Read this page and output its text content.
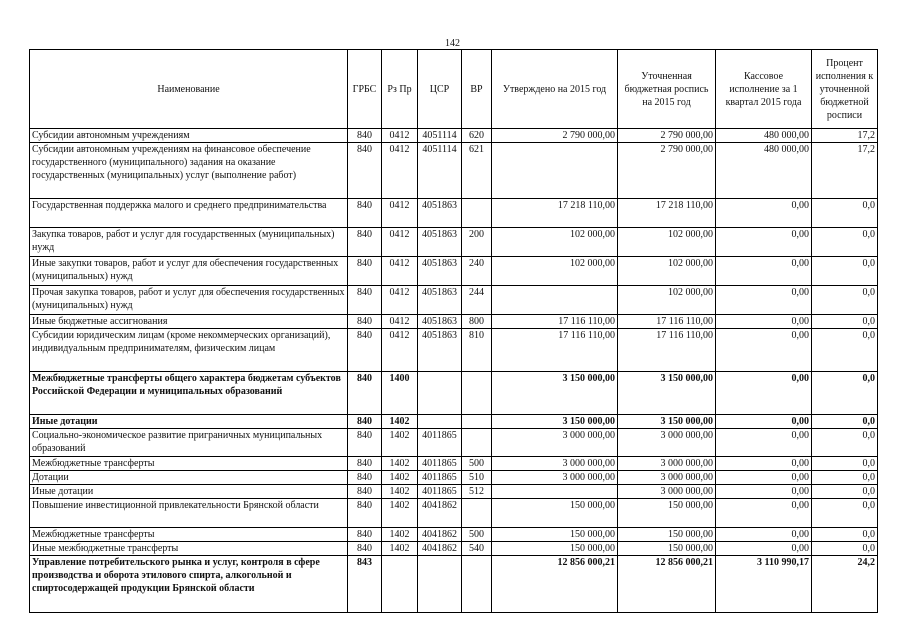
142
Наименование	ГРБС	Рз Пр	ЦСР	ВР	Утверждено на 2015 год	Уточненная бюджетная роспись на 2015 год	Кассовое исполнение за 1 квартал 2015 года	Процент исполнения к уточненной бюджетной росписи
Субсидии автономным учреждениям	840	0412	4051114	620	2 790 000,00	2 790 000,00	480 000,00	17,2
Субсидии автономным учреждениям на финансовое обеспечение государственного (муниципального) задания на оказание государственных (муниципальных) услуг (выполнение работ)	840	0412	4051114	621		2 790 000,00	480 000,00	17,2
Государственная поддержка малого и среднего предпринимательства	840	0412	4051863		17 218 110,00	17 218 110,00	0,00	0,0
Закупка товаров, работ и услуг для государственных (муниципальных) нужд	840	0412	4051863	200	102 000,00	102 000,00	0,00	0,0
Иные закупки товаров, работ и услуг для обеспечения государственных (муниципальных) нужд	840	0412	4051863	240	102 000,00	102 000,00	0,00	0,0
Прочая закупка товаров, работ и услуг для обеспечения государственных (муниципальных) нужд	840	0412	4051863	244		102 000,00	0,00	0,0
Иные бюджетные ассигнования	840	0412	4051863	800	17 116 110,00	17 116 110,00	0,00	0,0
Субсидии юридическим лицам (кроме некоммерческих организаций), индивидуальным предпринимателям, физическим лицам	840	0412	4051863	810	17 116 110,00	17 116 110,00	0,00	0,0
Межбюджетные трансферты общего характера бюджетам субъектов Российской Федерации и муниципальных образований	840	1400			3 150 000,00	3 150 000,00	0,00	0,0
Иные дотации	840	1402			3 150 000,00	3 150 000,00	0,00	0,0
Социально-экономическое развитие приграничных муниципальных образований	840	1402	4011865		3 000 000,00	3 000 000,00	0,00	0,0
Межбюджетные трансферты	840	1402	4011865	500	3 000 000,00	3 000 000,00	0,00	0,0
Дотации	840	1402	4011865	510	3 000 000,00	3 000 000,00	0,00	0,0
Иные дотации	840	1402	4011865	512		3 000 000,00	0,00	0,0
Повышение инвестиционной привлекательности Брянской области	840	1402	4041862		150 000,00	150 000,00	0,00	0,0
Межбюджетные трансферты	840	1402	4041862	500	150 000,00	150 000,00	0,00	0,0
Иные межбюджетные трансферты	840	1402	4041862	540	150 000,00	150 000,00	0,00	0,0
Управление потребительского рынка и услуг, контроля в сфере производства и оборота этилового спирта, алкогольной и спиртосодержащей продукции Брянской области	843				12 856 000,21	12 856 000,21	3 110 990,17	24,2
